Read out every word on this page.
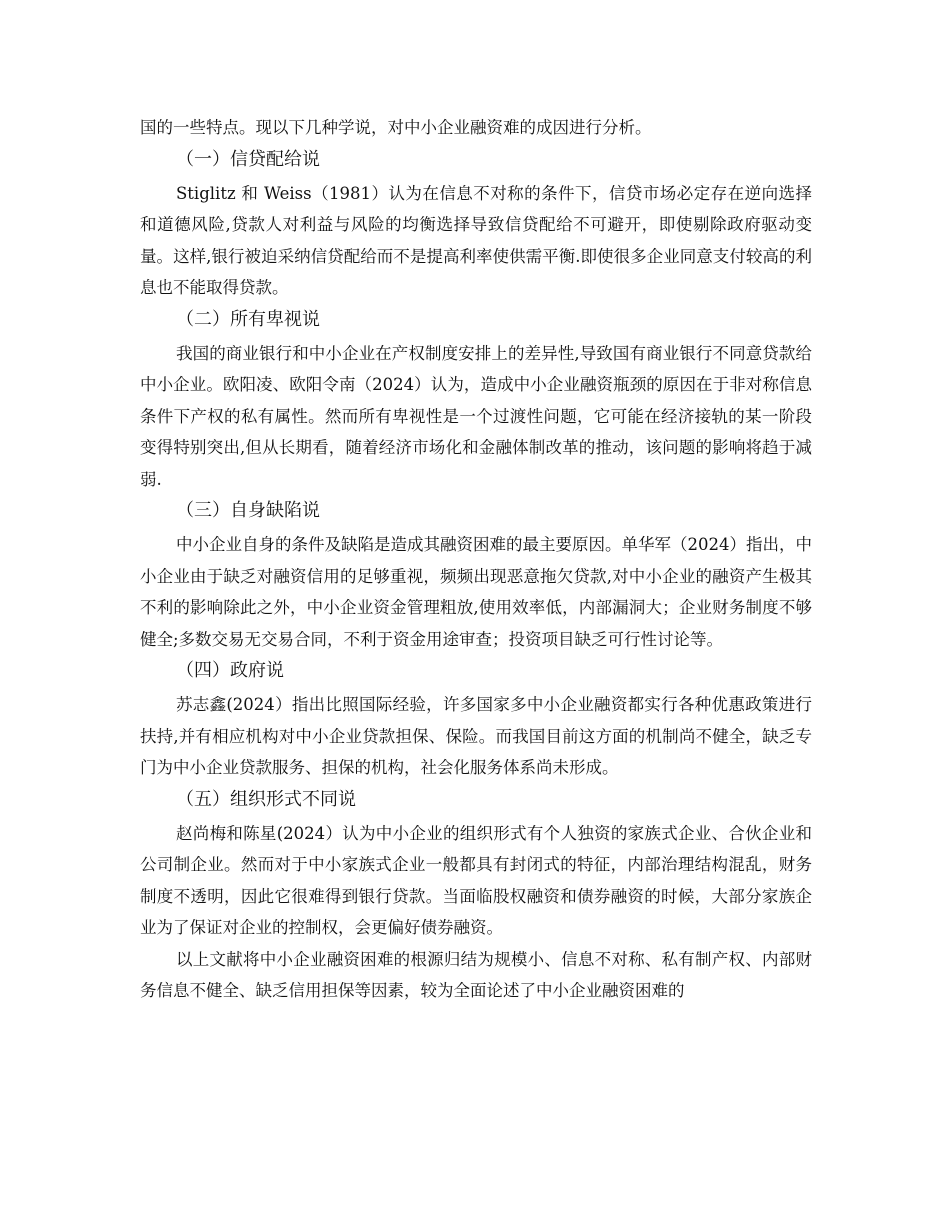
国的一些特点。现以下几种学说，对中小企业融资难的成因进行分析。

（一）信贷配给说

Stiglitz 和 Weiss（1981）认为在信息不对称的条件下，信贷市场必定存在逆向选择和道德风险,贷款人对利益与风险的均衡选择导致信贷配给不可避开，即使剔除政府驱动变量。这样,银行被迫采纳信贷配给而不是提高利率使供需平衡.即使很多企业同意支付较高的利息也不能取得贷款。

（二）所有卑视说

我国的商业银行和中小企业在产权制度安排上的差异性,导致国有商业银行不同意贷款给中小企业。欧阳凌、欧阳令南（2024）认为，造成中小企业融资瓶颈的原因在于非对称信息条件下产权的私有属性。然而所有卑视性是一个过渡性问题，它可能在经济接轨的某一阶段变得特别突出,但从长期看，随着经济市场化和金融体制改革的推动，该问题的影响将趋于减弱.

（三）自身缺陷说

中小企业自身的条件及缺陷是造成其融资困难的最主要原因。单华军（2024）指出，中小企业由于缺乏对融资信用的足够重视，频频出现恶意拖欠贷款,对中小企业的融资产生极其不利的影响除此之外，中小企业资金管理粗放,使用效率低，内部漏洞大；企业财务制度不够健全;多数交易无交易合同，不利于资金用途审查；投资项目缺乏可行性讨论等。

（四）政府说

苏志鑫(2024）指出比照国际经验，许多国家多中小企业融资都实行各种优惠政策进行扶持,并有相应机构对中小企业贷款担保、保险。而我国目前这方面的机制尚不健全，缺乏专门为中小企业贷款服务、担保的机构，社会化服务体系尚未形成。

（五）组织形式不同说

赵尚梅和陈星(2024）认为中小企业的组织形式有个人独资的家族式企业、合伙企业和公司制企业。然而对于中小家族式企业一般都具有封闭式的特征，内部治理结构混乱，财务制度不透明，因此它很难得到银行贷款。当面临股权融资和债券融资的时候，大部分家族企业为了保证对企业的控制权，会更偏好债券融资。

以上文献将中小企业融资困难的根源归结为规模小、信息不对称、私有制产权、内部财务信息不健全、缺乏信用担保等因素，较为全面论述了中小企业融资困难的
